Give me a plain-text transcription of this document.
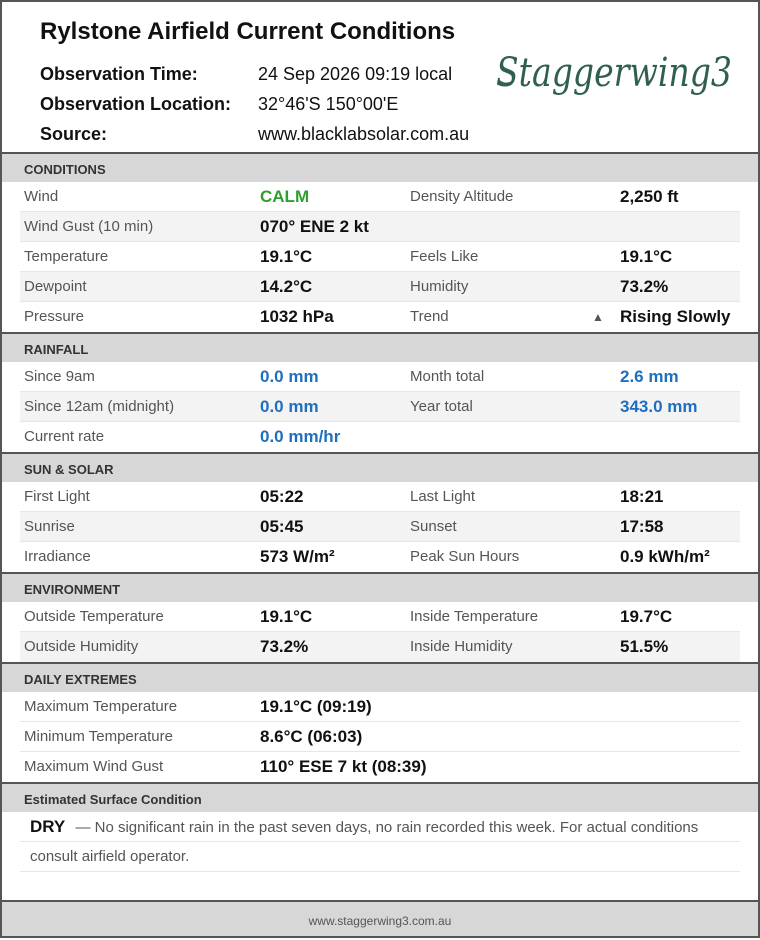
Rylstone Airfield Current Conditions
Observation Time:	24 Sep 2026 09:19 local
Observation Location: 32°46'S 150°00'E
Source:	www.blacklabsolar.com.au
Staggerwing3
CONDITIONS
Wind	CALM	Density Altitude	2,250 ft
Wind Gust (10 min)	070° ENE 2 kt
Temperature	19.1°C	Feels Like	19.1°C
Dewpoint	14.2°C	Humidity	73.2%
Pressure	1032 hPa	Trend	▲ Rising Slowly
RAINFALL
Since 9am	0.0 mm	Month total	2.6 mm
Since 12am (midnight)	0.0 mm	Year total	343.0 mm
Current rate	0.0 mm/hr
SUN & SOLAR
First Light	05:22	Last Light	18:21
Sunrise	05:45	Sunset	17:58
Irradiance	573 W/m²	Peak Sun Hours	0.9 kWh/m²
ENVIRONMENT
Outside Temperature	19.1°C	Inside Temperature	19.7°C
Outside Humidity	73.2%	Inside Humidity	51.5%
DAILY EXTREMES
Maximum Temperature	19.1°C (09:19)
Minimum Temperature	8.6°C (06:03)
Maximum Wind Gust	110° ESE 7 kt (08:39)
Estimated Surface Condition
DRY — No significant rain in the past seven days, no rain recorded this week. For actual conditions
consult airfield operator.
www.staggerwing3.com.au
